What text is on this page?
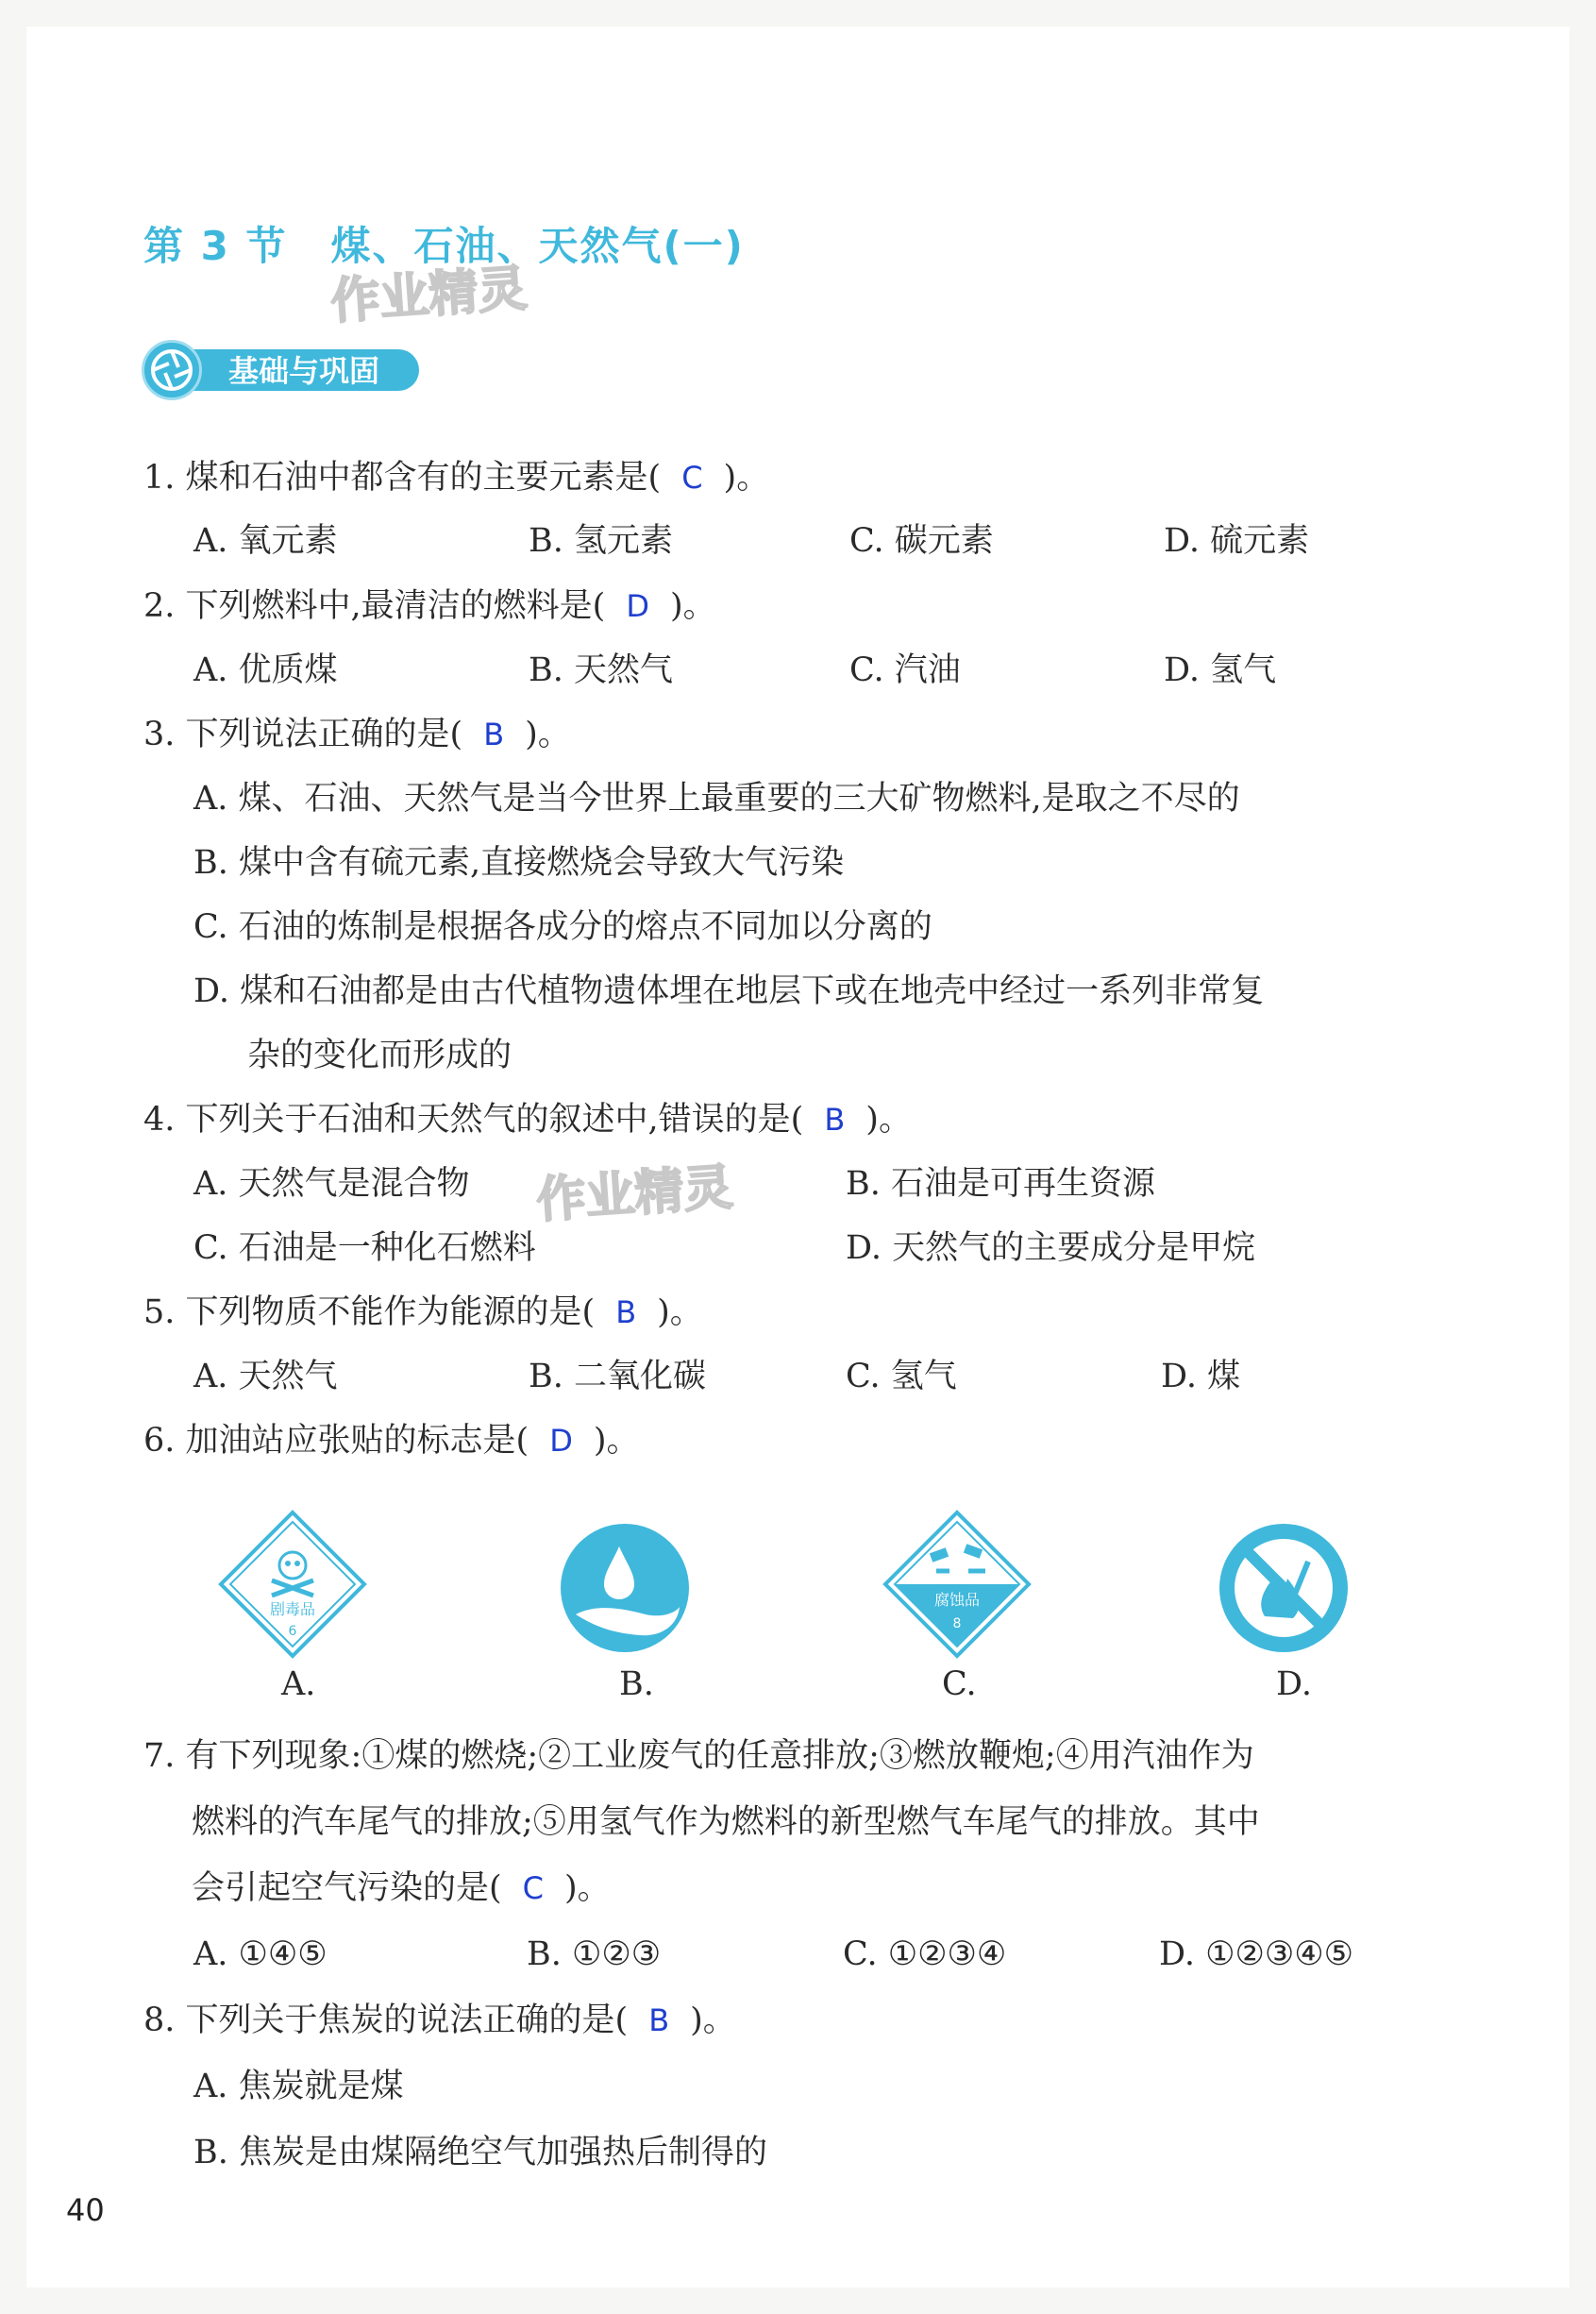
第 3 节 煤、石油、天然气(一)
作业精灵
作业精灵
基础与巩固
1. 煤和石油中都含有的主要元素是( C )。
A. 氧元素	B. 氢元素	C. 碳元素	D. 硫元素
2. 下列燃料中,最清洁的燃料是( D )。
A. 优质煤	B. 天然气	C. 汽油	D. 氢气
3. 下列说法正确的是( B )。
A. 煤、石油、天然气是当今世界上最重要的三大矿物燃料,是取之不尽的
B. 煤中含有硫元素,直接燃烧会导致大气污染
C. 石油的炼制是根据各成分的熔点不同加以分离的
D. 煤和石油都是由古代植物遗体埋在地层下或在地壳中经过一系列非常复
杂的变化而形成的
4. 下列关于石油和天然气的叙述中,错误的是( B )。
A. 天然气是混合物	B. 石油是可再生资源
C. 石油是一种化石燃料	D. 天然气的主要成分是甲烷
5. 下列物质不能作为能源的是( B )。
A. 天然气	B. 二氧化碳	C. 氢气	D. 煤
6. 加油站应张贴的标志是( D )。
剧毒品
6
A.	B.
腐蚀品
8
C.	D.
7. 有下列现象:①煤的燃烧;②工业废气的任意排放;③燃放鞭炮;④用汽油作为
燃料的汽车尾气的排放;⑤用氢气作为燃料的新型燃气车尾气的排放。其中
会引起空气污染的是( C )。
A. ①④⑤	B. ①②③	C. ①②③④	D. ①②③④⑤
8. 下列关于焦炭的说法正确的是( B )。
A. 焦炭就是煤
B. 焦炭是由煤隔绝空气加强热后制得的
40
